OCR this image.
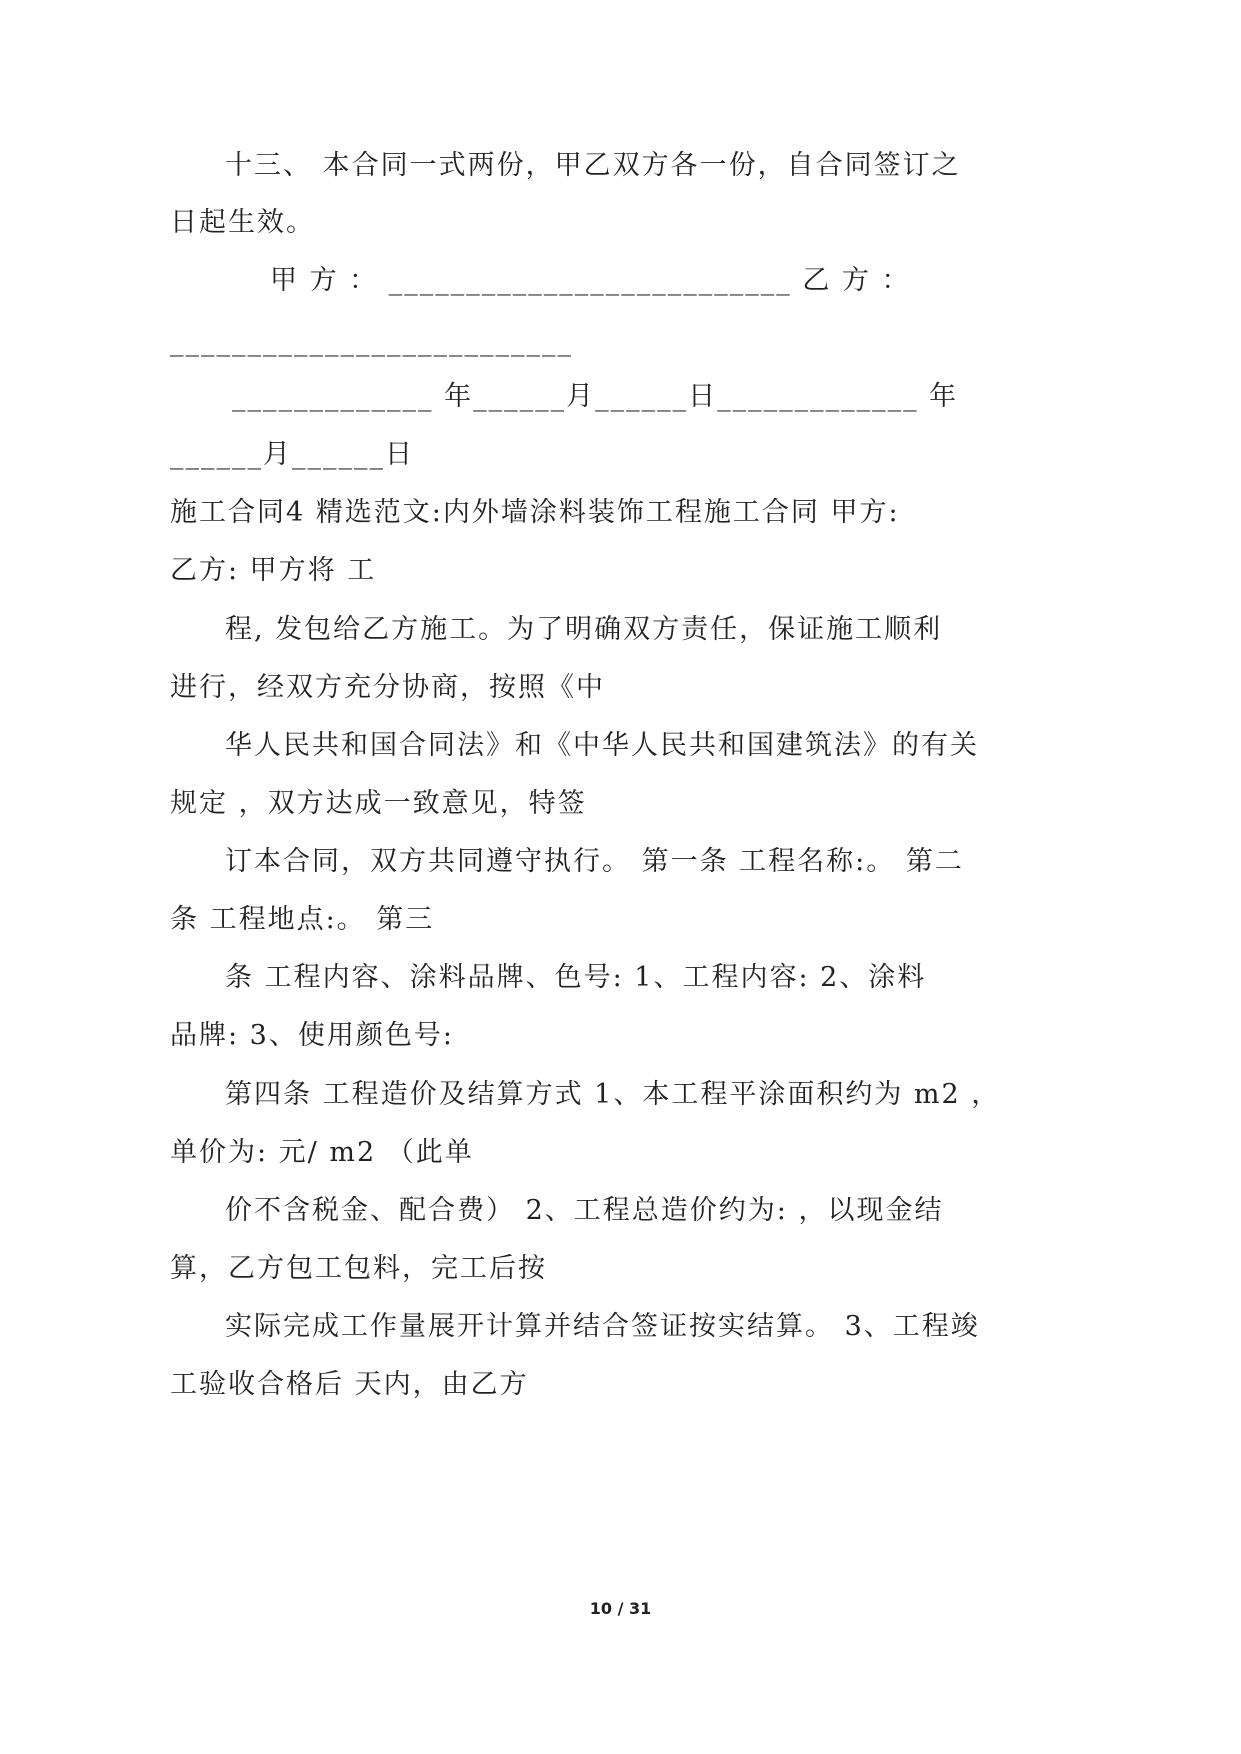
十三、 本合同一式两份，甲乙双方各一份，自合同签订之
日起生效。
甲 方 ： __________________________ 乙 方 ：
__________________________
_____________ 年______月______日_____________ 年
______月______日
施工合同4 精选范文:内外墙涂料装饰工程施工合同 甲方:
乙方: 甲方将 工
程, 发包给乙方施工。为了明确双方责任，保证施工顺利
进行，经双方充分协商，按照《中
华人民共和国合同法》和《中华人民共和国建筑法》的有关
规定 ，双方达成一致意见，特签
订本合同，双方共同遵守执行。 第一条 工程名称:。 第二
条 工程地点:。 第三
条 工程内容、涂料品牌、色号: 1、工程内容: 2、涂料
品牌: 3、使用颜色号:
第四条 工程造价及结算方式 1、本工程平涂面积约为 m2 ，
单价为: 元/ m2 （此单
价不含税金、配合费） 2、工程总造价约为: ，以现金结
算，乙方包工包料，完工后按
实际完成工作量展开计算并结合签证按实结算。 3、工程竣
工验收合格后 天内，由乙方
10 / 31
